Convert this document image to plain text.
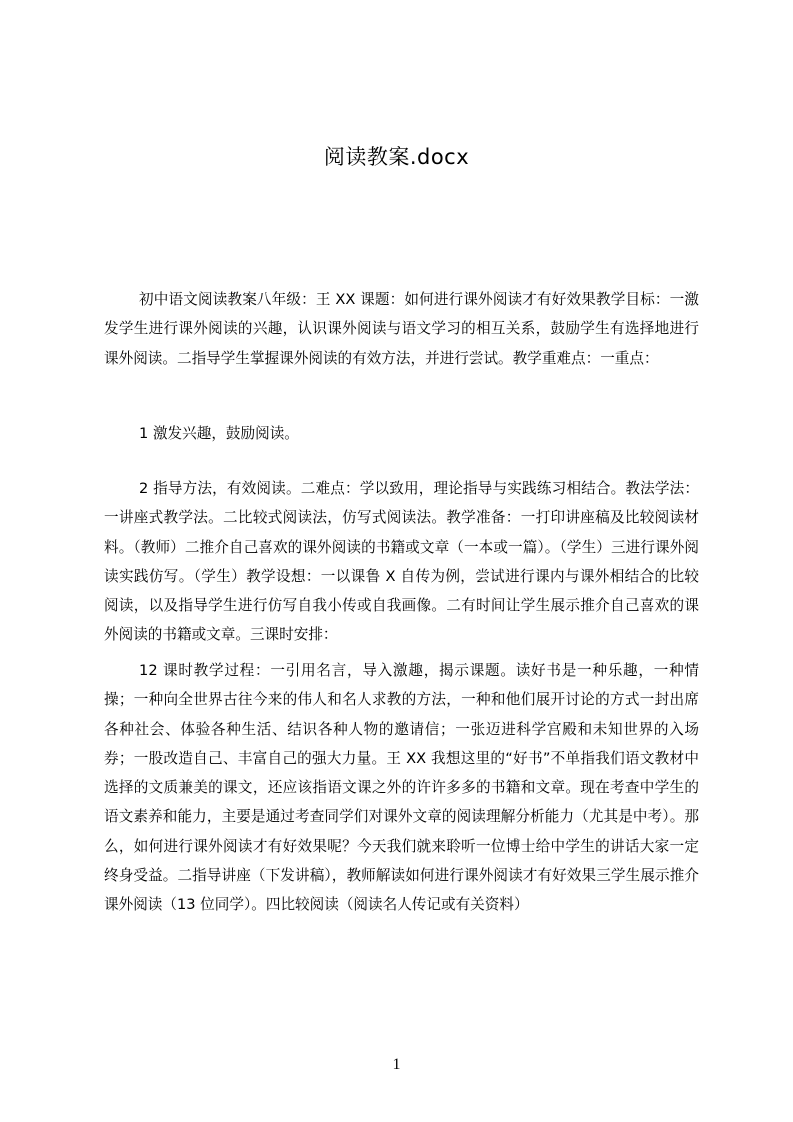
阅读教案.docx

初中语文阅读教案八年级：王 XX 课题：如何进行课外阅读才有好效果教学目标：一激发学生进行课外阅读的兴趣，认识课外阅读与语文学习的相互关系，鼓励学生有选择地进行课外阅读。二指导学生掌握课外阅读的有效方法，并进行尝试。教学重难点：一重点：

1 激发兴趣，鼓励阅读。

2 指导方法，有效阅读。二难点：学以致用，理论指导与实践练习相结合。教法学法：一讲座式教学法。二比较式阅读法，仿写式阅读法。教学准备：一打印讲座稿及比较阅读材料。（教师）二推介自己喜欢的课外阅读的书籍或文章（一本或一篇）。（学生）三进行课外阅读实践仿写。（学生）教学设想：一以课鲁 X 自传为例，尝试进行课内与课外相结合的比较阅读，以及指导学生进行仿写自我小传或自我画像。二有时间让学生展示推介自己喜欢的课外阅读的书籍或文章。三课时安排：

12 课时教学过程：一引用名言，导入激趣，揭示课题。读好书是一种乐趣，一种情操；一种向全世界古往今来的伟人和名人求教的方法，一种和他们展开讨论的方式一封出席各种社会、体验各种生活、结识各种人物的邀请信；一张迈进科学宫殿和未知世界的入场券；一股改造自己、丰富自己的强大力量。王 XX 我想这里的“好书”不单指我们语文教材中选择的文质兼美的课文，还应该指语文课之外的许许多多的书籍和文章。现在考查中学生的语文素养和能力，主要是通过考查同学们对课外文章的阅读理解分析能力（尤其是中考）。那么，如何进行课外阅读才有好效果呢？今天我们就来聆听一位博士给中学生的讲话大家一定终身受益。二指导讲座（下发讲稿），教师解读如何进行课外阅读才有好效果三学生展示推介课外阅读（13 位同学）。四比较阅读（阅读名人传记或有关资料）

1
